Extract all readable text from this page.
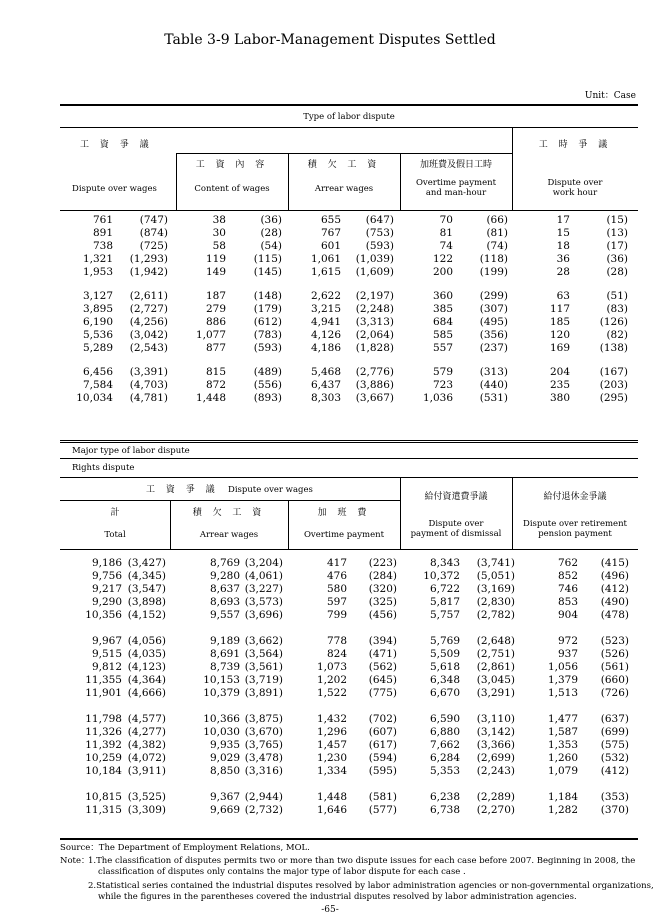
Table 3-9 Labor-Management Disputes Settled
Unit：Case
Type of labor dispute
工 資 爭 議
Dispute over wages
工 資 內 容
Content of wages
積 欠 工 資
Arrear wages
加班費及假日工時
Overtime payment
and man-hour
工 時 爭 議
Dispute over
work hour
761	(747)	38	(36)	655	(647)	70	(66)	17	(15)
891	(874)	30	(28)	767	(753)	81	(81)	15	(13)
738	(725)	58	(54)	601	(593)	74	(74)	18	(17)
1,321	(1,293)	119	(115)	1,061	(1,039)	122	(118)	36	(36)
1,953	(1,942)	149	(145)	1,615	(1,609)	200	(199)	28	(28)
3,127	(2,611)	187	(148)	2,622	(2,197)	360	(299)	63	(51)
3,895	(2,727)	279	(179)	3,215	(2,248)	385	(307)	117	(83)
6,190	(4,256)	886	(612)	4,941	(3,313)	684	(495)	185	(126)
5,536	(3,042)	1,077	(783)	4,126	(2,064)	585	(356)	120	(82)
5,289	(2,543)	877	(593)	4,186	(1,828)	557	(237)	169	(138)
6,456	(3,391)	815	(489)	5,468	(2,776)	579	(313)	204	(167)
7,584	(4,703)	872	(556)	6,437	(3,886)	723	(440)	235	(203)
10,034	(4,781)	1,448	(893)	8,303	(3,667)	1,036	(531)	380	(295)
Major type of labor dispute
Rights dispute
工 資 爭 議 Dispute over wages
計
Total
積 欠 工 資
Arrear wages
加 班 費
Overtime payment
給付資遣費爭議
Dispute over
payment of dismissal
給付退休金爭議
Dispute over retirement
pension payment
9,186 (3,427)	8,769 (3,204)	417	(223)	8,343	(3,741)	762	(415)
9,756 (4,345)	9,280 (4,061)	476	(284)	10,372	(5,051)	852	(496)
9,217 (3,547)	8,637 (3,227)	580	(320)	6,722	(3,169)	746	(412)
9,290 (3,898)	8,693 (3,573)	597	(325)	5,817	(2,830)	853	(490)
10,356 (4,152)	9,557 (3,696)	799	(456)	5,757	(2,782)	904	(478)
9,967 (4,056)	9,189 (3,662)	778	(394)	5,769	(2,648)	972	(523)
9,515 (4,035)	8,691 (3,564)	824	(471)	5,509	(2,751)	937	(526)
9,812 (4,123)	8,739 (3,561)	1,073	(562)	5,618	(2,861)	1,056	(561)
11,355 (4,364)	10,153 (3,719)	1,202	(645)	6,348	(3,045)	1,379	(660)
11,901 (4,666)	10,379 (3,891)	1,522	(775)	6,670	(3,291)	1,513	(726)
11,798 (4,577)	10,366 (3,875)	1,432	(702)	6,590	(3,110)	1,477	(637)
11,326 (4,277)	10,030 (3,670)	1,296	(607)	6,880	(3,142)	1,587	(699)
11,392 (4,382)	9,935 (3,765)	1,457	(617)	7,662	(3,366)	1,353	(575)
10,259 (4,072)	9,029 (3,478)	1,230	(594)	6,284	(2,699)	1,260	(532)
10,184 (3,911)	8,850 (3,316)	1,334	(595)	5,353	(2,243)	1,079	(412)
10,815 (3,525)	9,367 (2,944)	1,448	(581)	6,238	(2,289)	1,184	(353)
11,315 (3,309)	9,669 (2,732)	1,646	(577)	6,738	(2,270)	1,282	(370)
Source：The Department of Employment Relations, MOL.
Note：
1.The classification of disputes permits two or more than two dispute issues for each case before 2007. Beginning in 2008, the
classification of disputes only contains the major type of labor dispute for each case .
2.Statistical series contained the industrial disputes resolved by labor administration agencies or non-governmental organizations,
while the figures in the parentheses covered the industrial disputes resolved by labor administration agencies.
-65-
